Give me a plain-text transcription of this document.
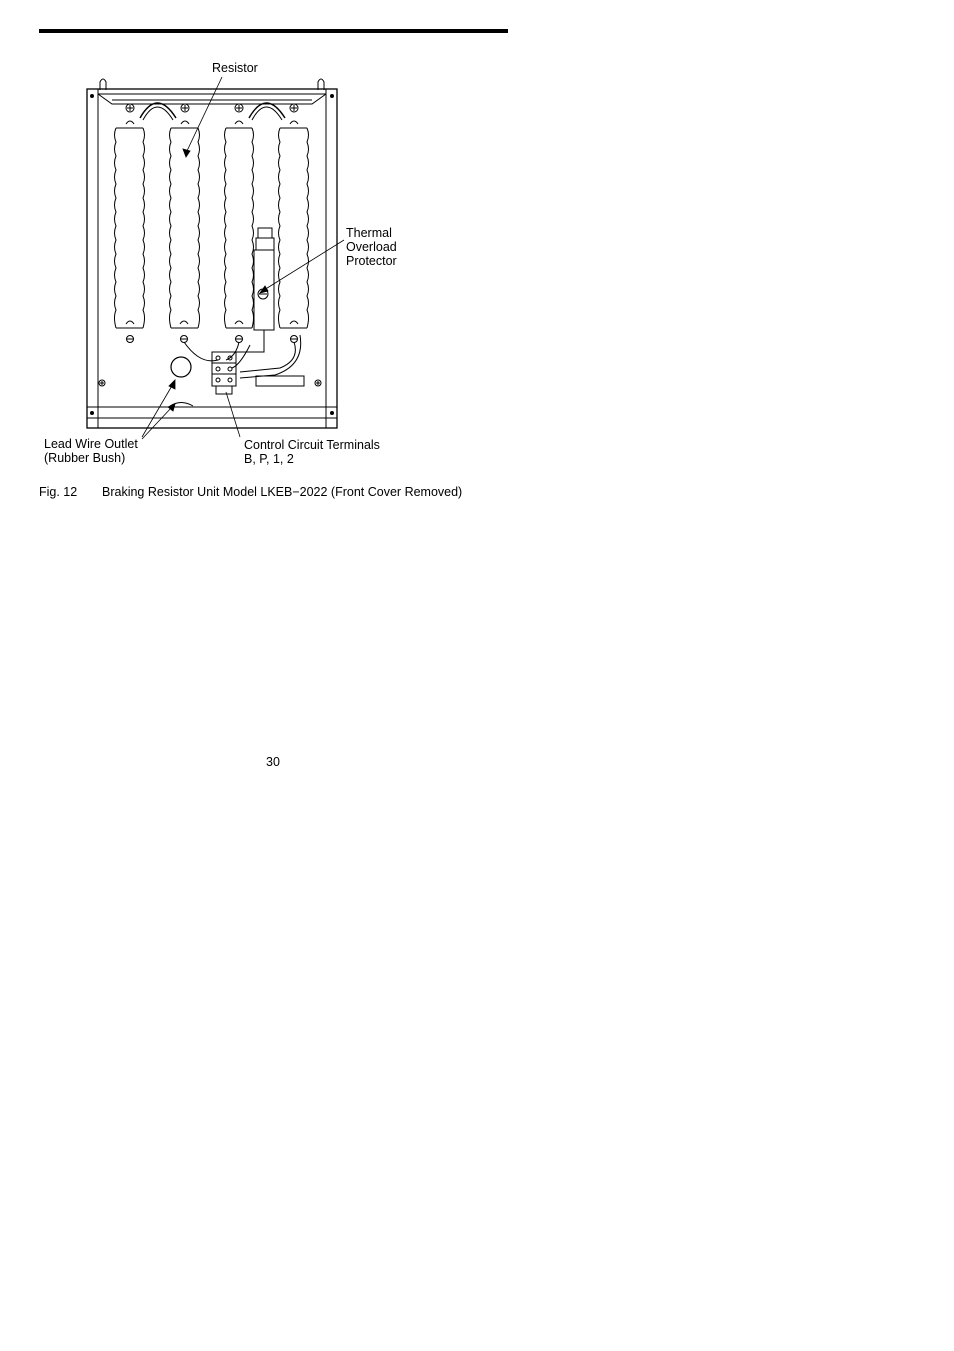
Resistor
Thermal
Overload
Protector
Lead Wire Outlet
(Rubber Bush)
Control Circuit Terminals
B, P, 1, 2
Fig. 12 Braking Resistor Unit Model LKEB−2022 (Front Cover Removed)
30
